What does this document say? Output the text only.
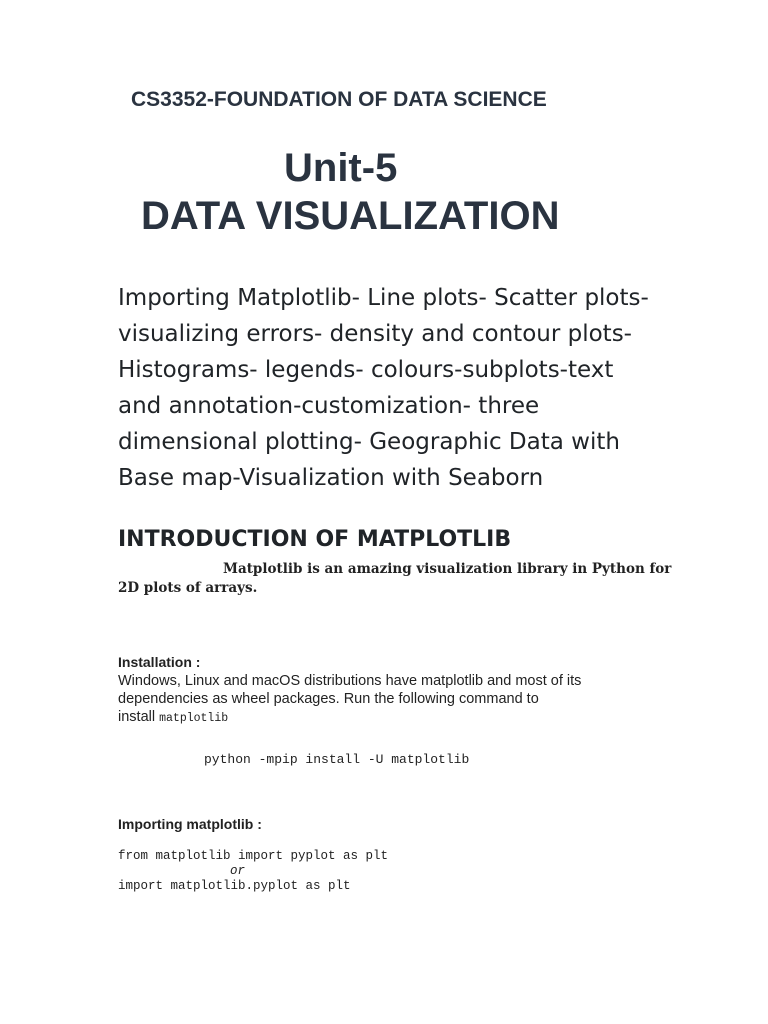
CS3352-FOUNDATION OF DATA SCIENCE
Unit-5
DATA VISUALIZATION
Importing Matplotlib- Line plots- Scatter plots-
visualizing errors- density and contour plots-
Histograms- legends- colours-subplots-text
and annotation-customization- three
dimensional plotting- Geographic Data with
Base map-Visualization with Seaborn
INTRODUCTION OF MATPLOTLIB
Matplotlib is an amazing visualization library in Python for
2D plots of arrays.
Installation :
Windows, Linux and macOS distributions have matplotlib and most of its
dependencies as wheel packages. Run the following command to
install matplotlib
python -mpip install -U matplotlib
Importing matplotlib :
from matplotlib import pyplot as plt
or
import matplotlib.pyplot as plt
